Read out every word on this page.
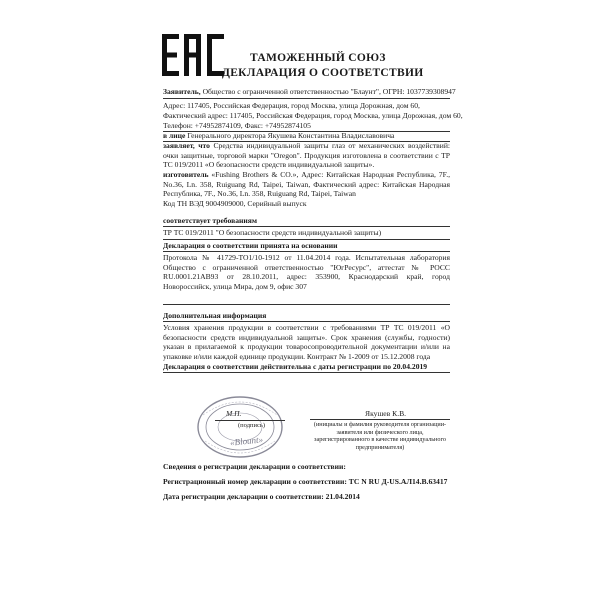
ТАМОЖЕННЫЙ СОЮЗ
ДЕКЛАРАЦИЯ О СООТВЕТСТВИИ
Заявитель, Общество с ограниченной ответственностью "Блаунт", ОГРН: 1037739308947
Адрес: 117405, Российская Федерация, город Москва, улица Дорожная, дом 60,
Фактический адрес: 117405, Российская Федерация, город Москва, улица Дорожная, дом 60,
Телефон: +74952874109, Факс: +74952874105
в лице Генерального директора Якушева Константина Владиславовича
заявляет, что Средства индивидуальной защиты глаз от механических воздействий: очки защитные, торговой марки "Oregon". Продукция изготовлена в соответствии с ТР ТС 019/2011 «О безопасности средств индивидуальной защиты».
изготовитель «Fushing Brothers & CO.», Адрес: Китайская Народная Республика, 7F., No.36, Ln. 358, Ruiguang Rd, Taipei, Taiwan, Фактический адрес: Китайская Народная Республика, 7F., No.36, Ln. 358, Ruiguang Rd, Taipei, Taiwan
Код ТН ВЭД 9004909000, Серийный выпуск
соответствует требованиям
ТР ТС 019/2011 "О безопасности средств индивидуальной защиты)
Декларация о соответствии принята на основании
Протокола № 41729-ТО1/10-1912 от 11.04.2014 года. Испытательная лаборатория Общество с ограниченной ответственностью "ЮгРесурс", аттестат № РОСС RU.0001.21АВ93 от 28.10.2011, адрес: 353900, Краснодарский край, город Новороссийск, улица Мира, дом 9, офис 307
Дополнительная информация
Условия хранения продукции в соответствии с требованиями ТР ТС 019/2011 «О безопасности средств индивидуальной защиты». Срок хранения (службы, годности) указан в прилагаемой к продукции товаросопроводительной документации и/или на упаковке и/или каждой единице продукции. Контракт № 1-2009 от 15.12.2008 года
Декларация о соответствии действительна с даты регистрации по 20.04.2019
Якушев К.В.
(инициалы и фамилия руководителя организации-заявителя или физического лица, зарегистрированного в качестве индивидуального предпринимателя)
(подпись)
М.П.
«Blount»
Сведения о регистрации декларации о соответствии:
Регистрационный номер декларации о соответствии: ТС N RU Д-US.АЛ14.В.63417
Дата регистрации декларации о соответствии: 21.04.2014
